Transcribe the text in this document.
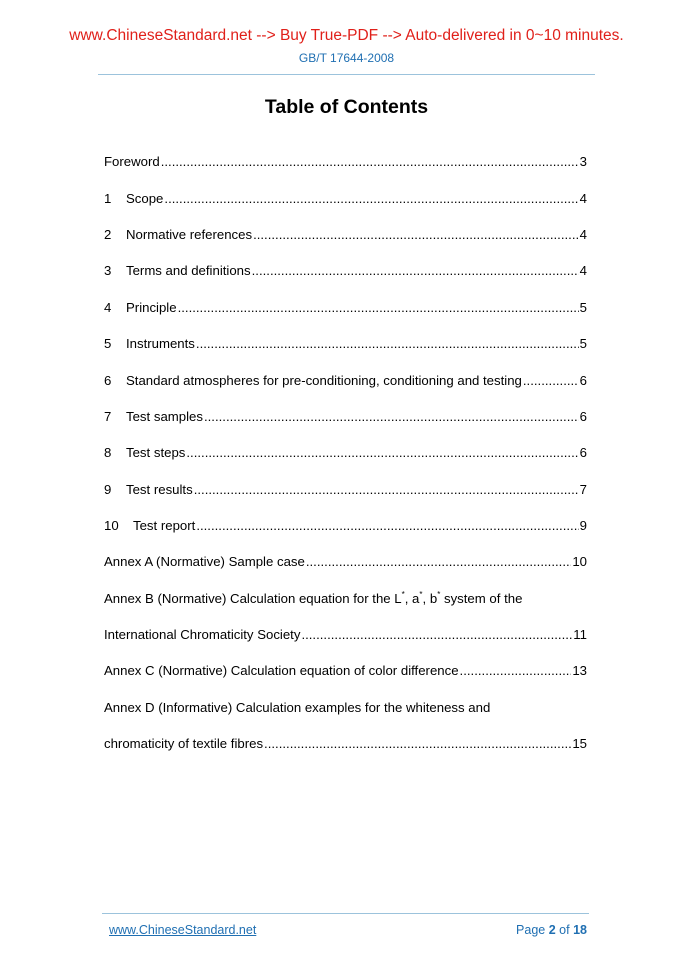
www.ChineseStandard.net --> Buy True-PDF --> Auto-delivered in 0~10 minutes.
GB/T 17644-2008
Table of Contents
Foreword .....	3
1 Scope .....	4
2 Normative references .....	4
3 Terms and definitions .....	4
4 Principle .....	5
5 Instruments .....	5
6 Standard atmospheres for pre-conditioning, conditioning and testing .....	6
7 Test samples .....	6
8 Test steps .....	6
9 Test results .....	7
10 Test report .....	9
Annex A (Normative) Sample case .....	10
Annex B (Normative) Calculation equation for the L*, a*, b* system of the
International Chromaticity Society .....	11
Annex C (Normative) Calculation equation of color difference .....	13
Annex D (Informative) Calculation examples for the whiteness and
chromaticity of textile fibres .....	15
www.ChineseStandard.net	Page 2 of 18
